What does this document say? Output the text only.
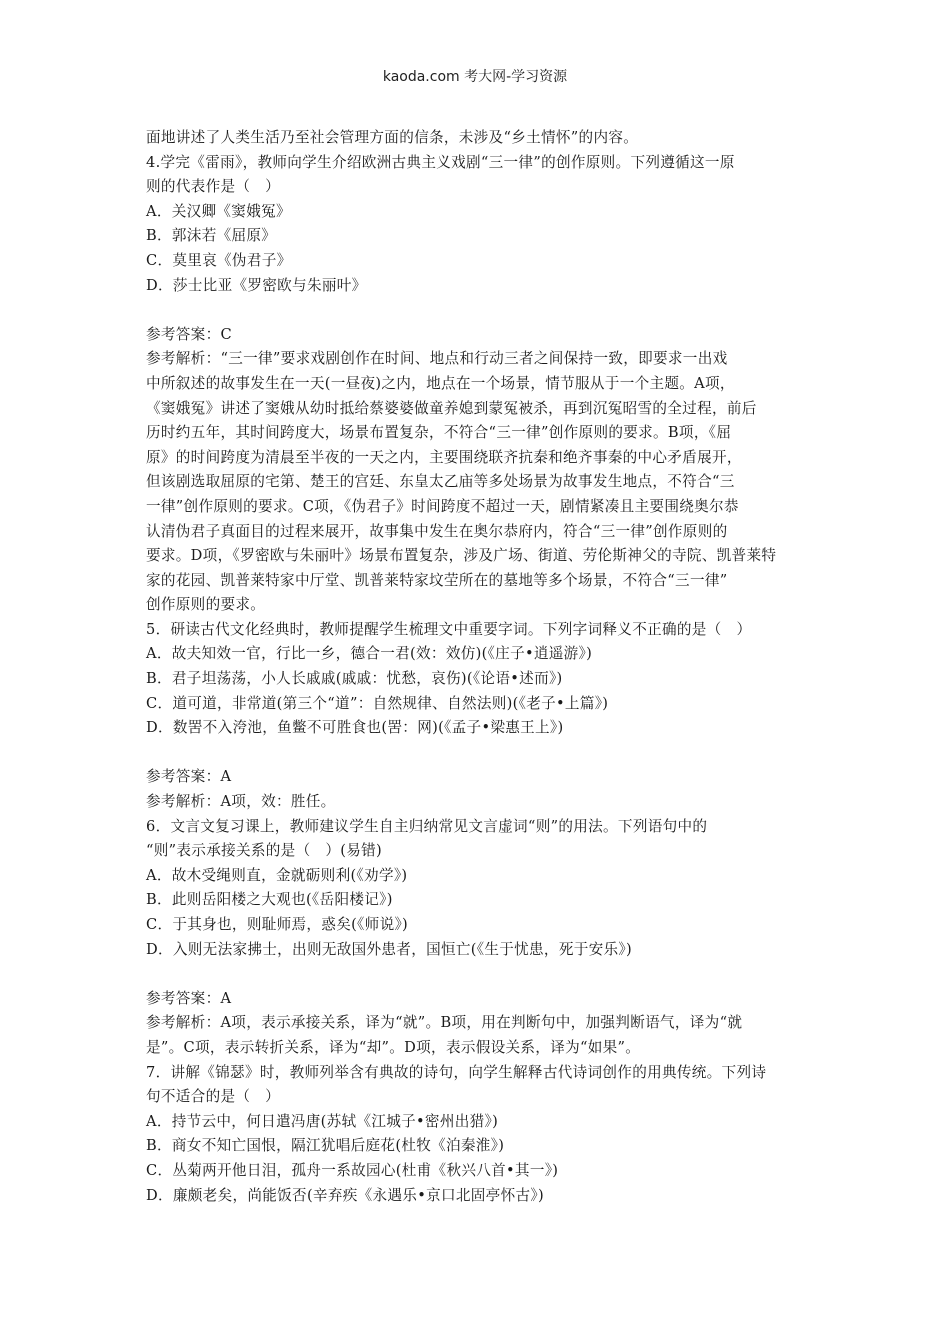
kaoda.com 考大网-学习资源

面地讲述了人类生活乃至社会管理方面的信条，未涉及“乡土情怀”的内容。

4.学完《雷雨》，教师向学生介绍欧洲古典主义戏剧“三一律”的创作原则。下列遵循这一原

则的代表作是（　）

A．关汉卿《窦娥冤》

B．郭沫若《屈原》

C．莫里哀《伪君子》

D．莎士比亚《罗密欧与朱丽叶》

参考答案：C

参考解析：“三一律”要求戏剧创作在时间、地点和行动三者之间保持一致，即要求一出戏

中所叙述的故事发生在一天(一昼夜)之内，地点在一个场景，情节服从于一个主题。A项，

《窦娥冤》讲述了窦娥从幼时抵给蔡婆婆做童养媳到蒙冤被杀，再到沉冤昭雪的全过程，前后

历时约五年，其时间跨度大，场景布置复杂，不符合“三一律”创作原则的要求。B项，《屈

原》的时间跨度为清晨至半夜的一天之内，主要围绕联齐抗秦和绝齐事秦的中心矛盾展开，

但该剧选取屈原的宅第、楚王的宫廷、东皇太乙庙等多处场景为故事发生地点，不符合“三

一律”创作原则的要求。C项，《伪君子》时间跨度不超过一天，剧情紧凑且主要围绕奥尔恭

认清伪君子真面目的过程来展开，故事集中发生在奥尔恭府内，符合“三一律”创作原则的

要求。D项，《罗密欧与朱丽叶》场景布置复杂，涉及广场、街道、劳伦斯神父的寺院、凯普莱特

家的花园、凯普莱特家中厅堂、凯普莱特家坟茔所在的墓地等多个场景，不符合“三一律”

创作原则的要求。

5．研读古代文化经典时，教师提醒学生梳理文中重要字词。下列字词释义不正确的是（　）

A．故夫知效一官，行比一乡，德合一君(效：效仿)(《庄子•逍遥游》)

B．君子坦荡荡，小人长戚戚(戚戚：忧愁，哀伤)(《论语•述而》)

C．道可道，非常道(第三个“道”：自然规律、自然法则)(《老子•上篇》)

D．数罟不入洿池，鱼鳖不可胜食也(罟：网)(《孟子•梁惠王上》)

参考答案：A

参考解析：A项，效：胜任。

6．文言文复习课上，教师建议学生自主归纳常见文言虚词“则”的用法。下列语句中的

“则”表示承接关系的是（　）(易错)

A．故木受绳则直，金就砺则利(《劝学》)

B．此则岳阳楼之大观也(《岳阳楼记》)

C．于其身也，则耻师焉，惑矣(《师说》)

D．入则无法家拂士，出则无敌国外患者，国恒亡(《生于忧患，死于安乐》)

参考答案：A

参考解析：A项，表示承接关系，译为“就”。B项，用在判断句中，加强判断语气，译为“就

是”。C项，表示转折关系，译为“却”。D项，表示假设关系，译为“如果”。

7．讲解《锦瑟》时，教师列举含有典故的诗句，向学生解释古代诗词创作的用典传统。下列诗

句不适合的是（　）

A．持节云中，何日遣冯唐(苏轼《江城子•密州出猎》)

B．商女不知亡国恨，隔江犹唱后庭花(杜牧《泊秦淮》)

C．丛菊两开他日泪，孤舟一系故园心(杜甫《秋兴八首•其一》)

D．廉颇老矣，尚能饭否(辛弃疾《永遇乐•京口北固亭怀古》)
